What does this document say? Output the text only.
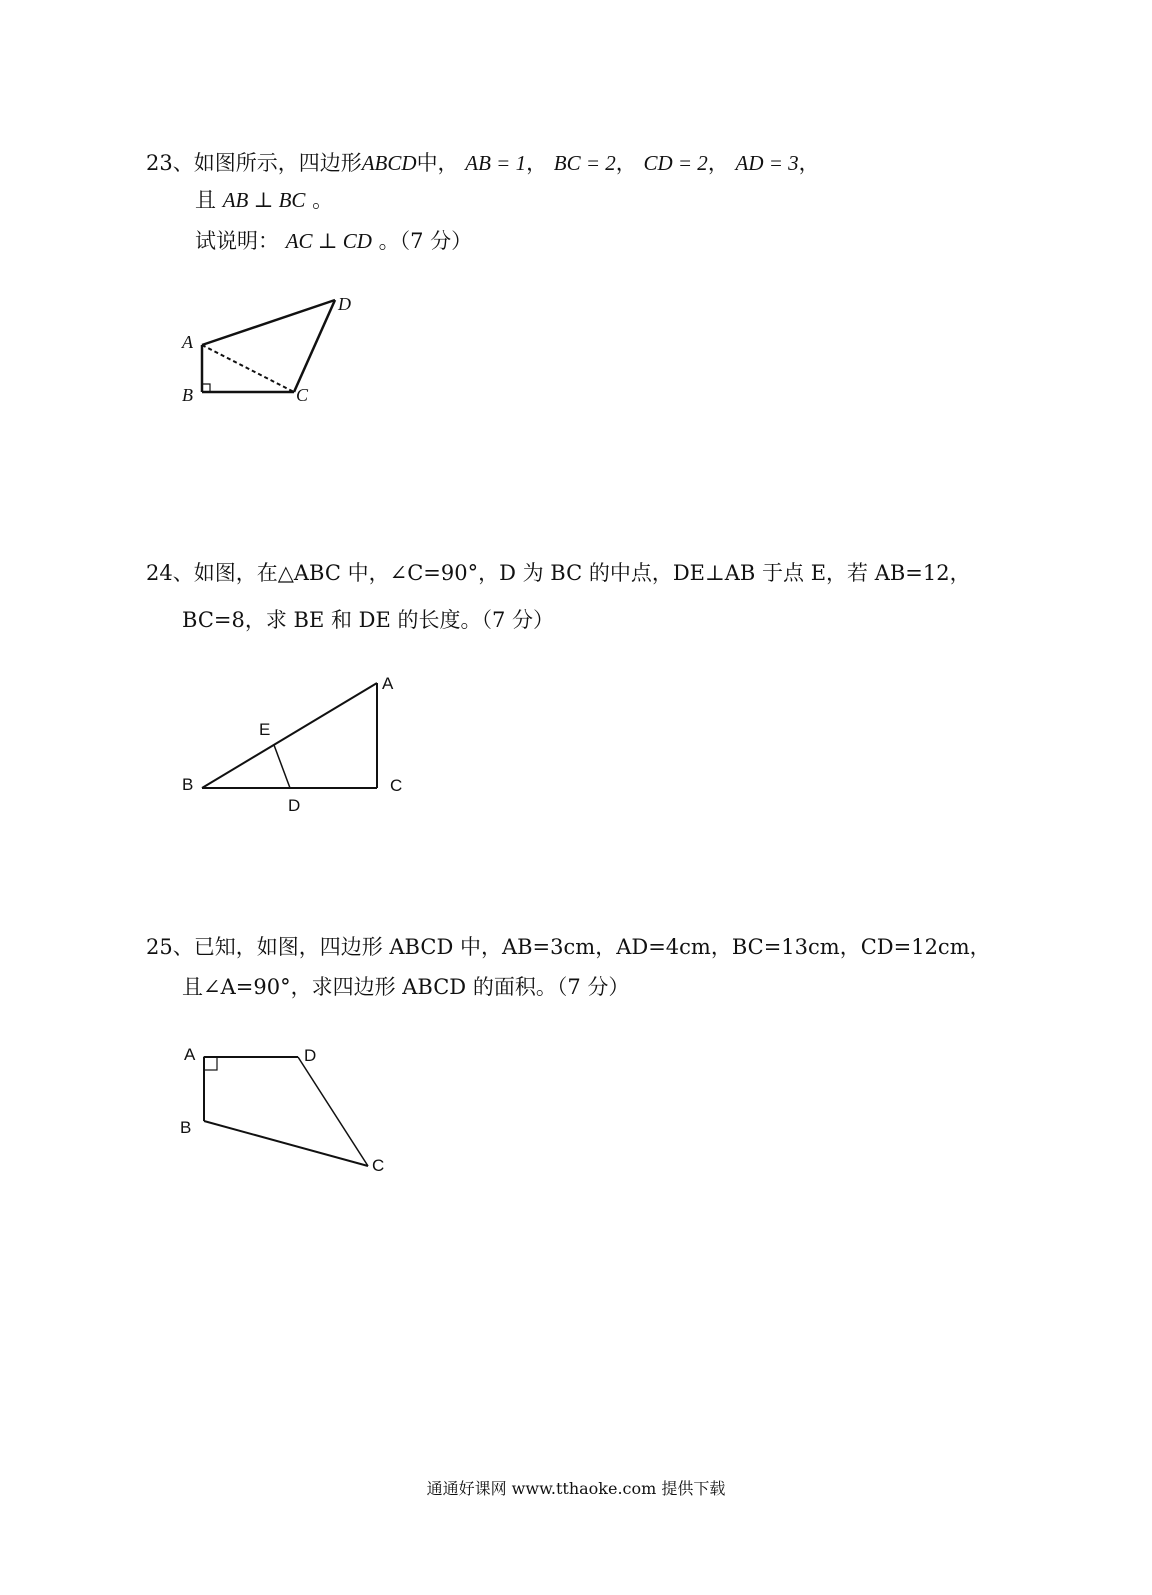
23、如图所示，四边形ABCD中， AB = 1， BC = 2， CD = 2， AD = 3，
且 AB ⊥ BC 。
试说明： AC ⊥ CD 。（7 分）
A
B	C
D
24、如图，在△ABC 中，∠C=90°，D 为 BC 的中点，DE⊥AB 于点 E，若 AB=12，
BC=8，求 BE 和 DE 的长度。（7 分）
A
B	C
D
E
25、已知，如图，四边形 ABCD 中，AB=3cm，AD=4cm，BC=13cm，CD=12cm，
且∠A=90°，求四边形 ABCD 的面积。（7 分）
A
B
C
D
通通好课网 www.tthaoke.com 提供下载
